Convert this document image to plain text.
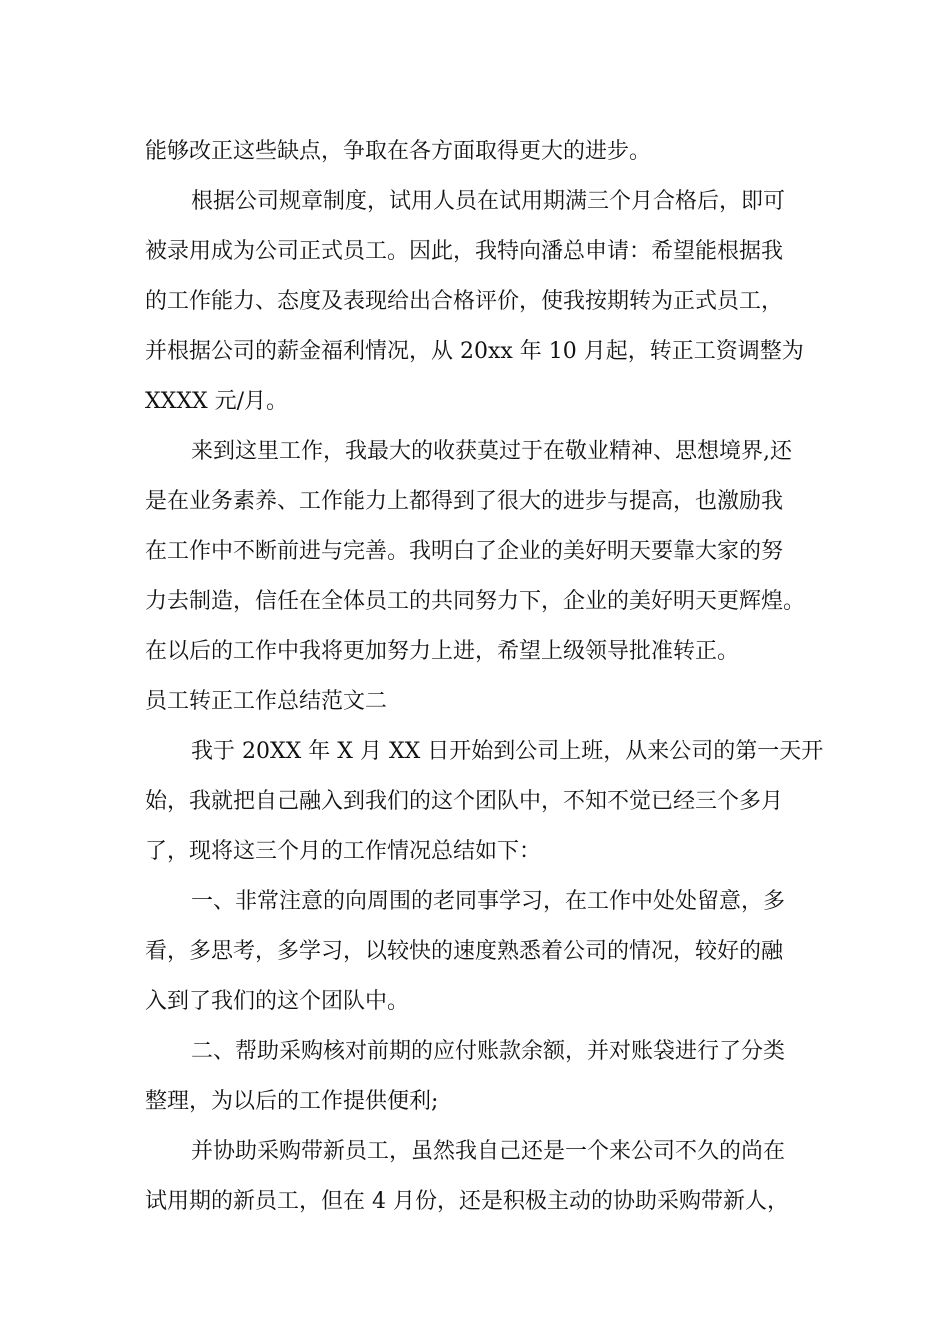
能够改正这些缺点，争取在各方面取得更大的进步。
根据公司规章制度，试用人员在试用期满三个月合格后，即可
被录用成为公司正式员工。因此，我特向潘总申请：希望能根据我
的工作能力、态度及表现给出合格评价，使我按期转为正式员工，
并根据公司的薪金福利情况，从 20xx 年 10 月起，转正工资调整为
XXXX 元/月。
来到这里工作，我最大的收获莫过于在敬业精神、思想境界,还
是在业务素养、工作能力上都得到了很大的进步与提高，也激励我
在工作中不断前进与完善。我明白了企业的美好明天要靠大家的努
力去制造，信任在全体员工的共同努力下，企业的美好明天更辉煌。
在以后的工作中我将更加努力上进，希望上级领导批准转正。
员工转正工作总结范文二
我于 20XX 年 X 月 XX 日开始到公司上班，从来公司的第一天开
始，我就把自己融入到我们的这个团队中，不知不觉已经三个多月
了，现将这三个月的工作情况总结如下：
一、非常注意的向周围的老同事学习，在工作中处处留意，多
看，多思考，多学习，以较快的速度熟悉着公司的情况，较好的融
入到了我们的这个团队中。
二、帮助采购核对前期的应付账款余额，并对账袋进行了分类
整理，为以后的工作提供便利;
并协助采购带新员工，虽然我自己还是一个来公司不久的尚在
试用期的新员工，但在 4 月份，还是积极主动的协助采购带新人，
